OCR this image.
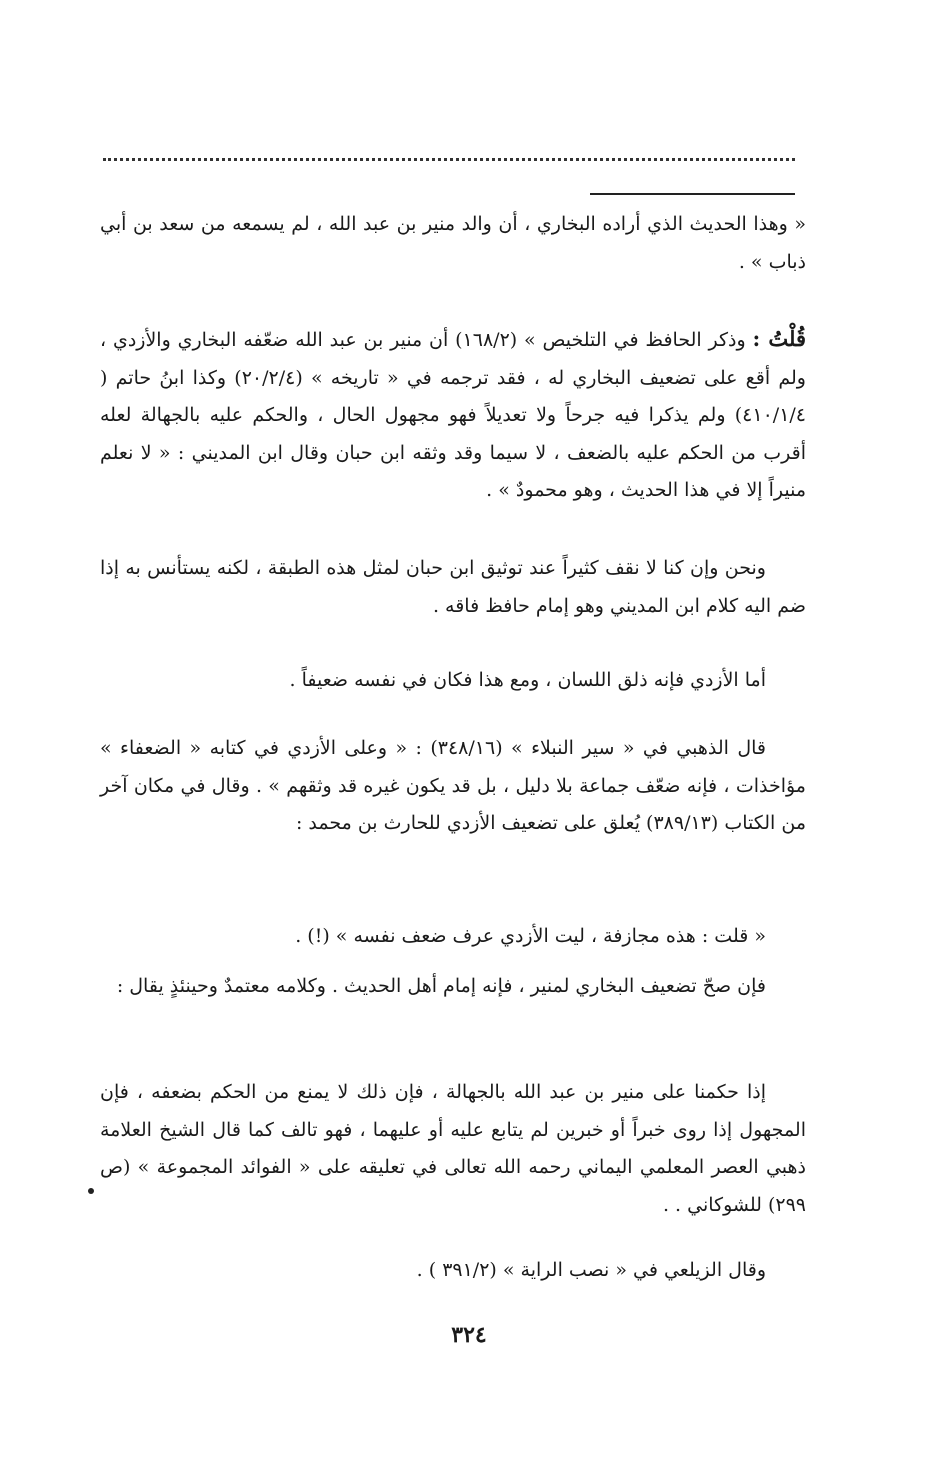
« وهذا الحديث الذي أراده البخاري ، أن والد منير بن عبد الله ، لم يسمعه من سعد بن أبي ذباب » .

قُلْتُ : وذكر الحافظ في التلخيص » (١٦٨/٢) أن منير بن عبد الله ضعّفه البخاري والأزدي ، ولم أقع على تضعيف البخاري له ، فقد ترجمه في « تاريخه » (٢٠/٢/٤) وكذا ابنُ حاتم ( ٤١٠/١/٤) ولم يذكرا فيه جرحاً ولا تعديلاً فهو مجهول الحال ، والحكم عليه بالجهالة لعله أقرب من الحكم عليه بالضعف ، لا سيما وقد وثقه ابن حبان وقال ابن المديني : « لا نعلم منيراً إلا في هذا الحديث ، وهو محمودٌ » .

ونحن وإن كنا لا نقف كثيراً عند توثيق ابن حبان لمثل هذه الطبقة ، لكنه يستأنس به إذا ضم اليه كلام ابن المديني وهو إمام حافظ فاقه .

أما الأزدي فإنه ذلق اللسان ، ومع هذا فكان في نفسه ضعيفاً .

قال الذهبي في « سير النبلاء » (٣٤٨/١٦) : « وعلى الأزدي في كتابه « الضعفاء » مؤاخذات ، فإنه ضعّف جماعة بلا دليل ، بل قد يكون غيره قد وثقهم » . وقال في مكان آخر من الكتاب (٣٨٩/١٣) يُعلق على تضعيف الأزدي للحارث بن محمد :

« قلت : هذه مجازفة ، ليت الأزدي عرف ضعف نفسه » (!) .

فإن صحّ تضعيف البخاري لمنير ، فإنه إمام أهل الحديث . وكلامه معتمدٌ وحينئذٍ يقال :

إذا حكمنا على منير بن عبد الله بالجهالة ، فإن ذلك لا يمنع من الحكم بضعفه ، فإن المجهول إذا روى خبراً أو خبرين لم يتابع عليه أو عليهما ، فهو تالف كما قال الشيخ العلامة ذهبي العصر المعلمي اليماني رحمه الله تعالى في تعليقه على « الفوائد المجموعة » (ص ٢٩٩) للشوكاني . .

وقال الزيلعي في « نصب الراية » (٣٩١/٢ ) .

٣٢٤
